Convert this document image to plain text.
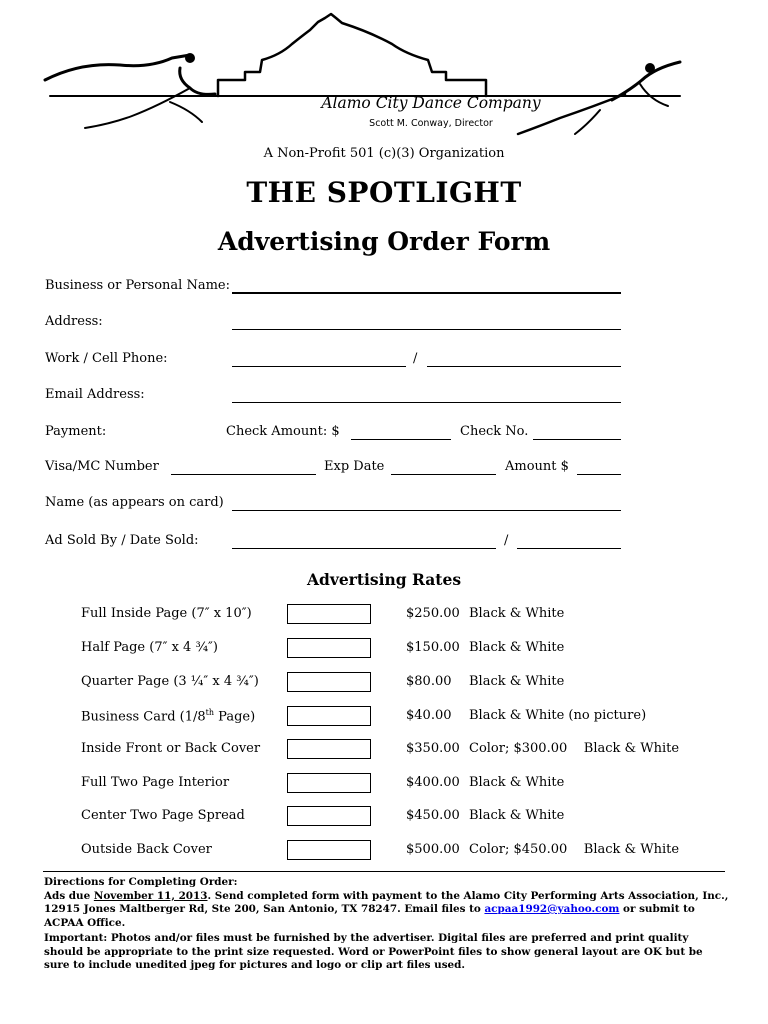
Alamo City Dance Company
Scott M. Conway, Director
A Non-Profit 501 (c)(3) Organization
THE SPOTLIGHT
Advertising Order Form
Business or Personal Name:
Address:
Work / Cell Phone:	/
Email Address:
Payment:	Check Amount: $	Check No.
Visa/MC Number	Exp Date	Amount $
Name (as appears on card)
Ad Sold By / Date Sold:	/
Advertising Rates
Full Inside Page (7″ x 10″)	$250.00 Black & White
Half Page (7″ x 4 ¾″)	$150.00 Black & White
Quarter Page (3 ¼″ x 4 ¾″)	$80.00 Black & White
Business Card (1/8th Page)	$40.00 Black & White (no picture)
Inside Front or Back Cover	$350.00 Color; $300.00    Black & White
Full Two Page Interior	$400.00 Black & White
Center Two Page Spread	$450.00 Black & White
Outside Back Cover	$500.00 Color; $450.00    Black & White
Directions for Completing Order:
Ads due November 11, 2013. Send completed form with payment to the Alamo City Performing Arts Association, Inc., 12915 Jones Maltberger Rd, Ste 200, San Antonio, TX 78247. Email files to acpaa1992@yahoo.com or submit to ACPAA Office.
Important: Photos and/or files must be furnished by the advertiser. Digital files are preferred and print quality should be appropriate to the print size requested. Word or PowerPoint files to show general layout are OK but be sure to include unedited jpeg for pictures and logo or clip art files used.
